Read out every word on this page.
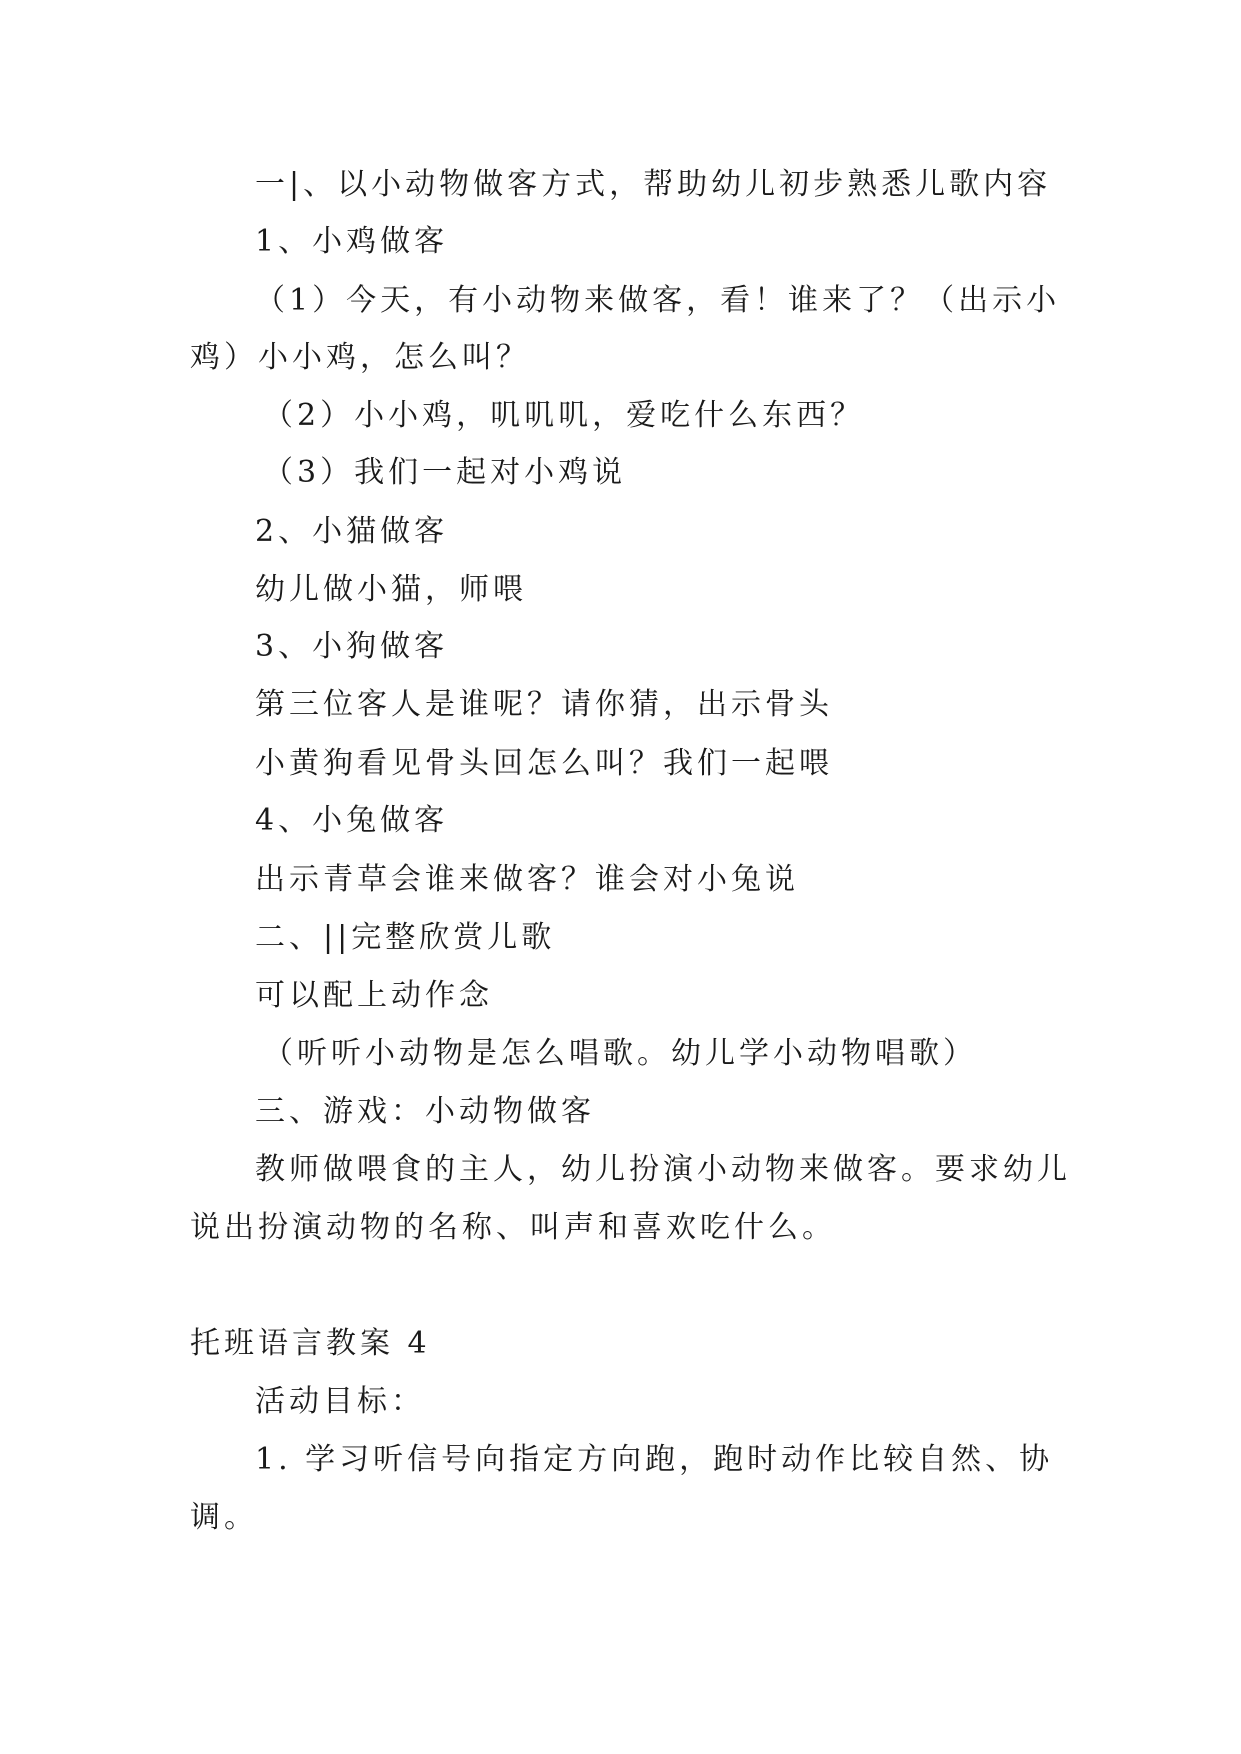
一|、以小动物做客方式，帮助幼儿初步熟悉儿歌内容
1、小鸡做客
（1）今天，有小动物来做客，看！谁来了？（出示小
鸡）小小鸡，怎么叫？
（2）小小鸡，叽叽叽，爱吃什么东西？
（3）我们一起对小鸡说
2、小猫做客
幼儿做小猫，师喂
3、小狗做客
第三位客人是谁呢？请你猜，出示骨头
小黄狗看见骨头回怎么叫？我们一起喂
4、小兔做客
出示青草会谁来做客？谁会对小兔说
二、||完整欣赏儿歌
可以配上动作念
（听听小动物是怎么唱歌。幼儿学小动物唱歌）
三、游戏：小动物做客
教师做喂食的主人，幼儿扮演小动物来做客。要求幼儿
说出扮演动物的名称、叫声和喜欢吃什么。
托班语言教案 4
活动目标：
1. 学习听信号向指定方向跑，跑时动作比较自然、协
调。
